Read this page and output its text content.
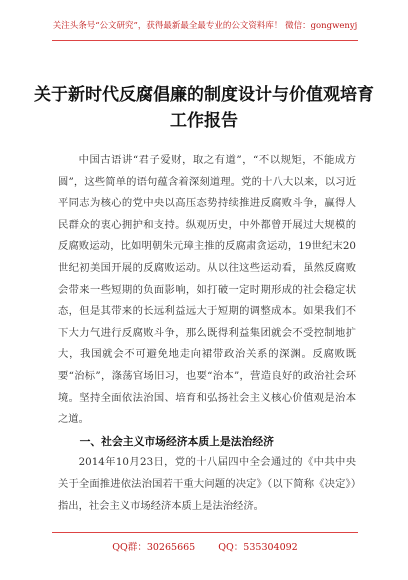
关注头条号“公文研究”，获得最新最全最专业的公文资料库！ 微信：gongwenyj
关于新时代反腐倡廉的制度设计与价值观培育工作报告

中国古语讲“君子爱财，取之有道”，“不以规矩，不能成方圆”，这些简单的语句蕴含着深刻道理。党的十八大以来，以习近平同志为核心的党中央以高压态势持续推进反腐败斗争，赢得人民群众的衷心拥护和支持。纵观历史，中外都曾开展过大规模的反腐败运动，比如明朝朱元璋主推的反腐肃贪运动，19世纪末20世纪初美国开展的反腐败运动。从以往这些运动看，虽然反腐败会带来一些短期的负面影响，如打破一定时期形成的社会稳定状态，但是其带来的长远利益远大于短期的调整成本。如果我们不下大力气进行反腐败斗争，那么既得利益集团就会不受控制地扩大，我国就会不可避免地走向裙带政治关系的深渊。反腐败既要“治标”，涤荡官场旧习，也要“治本”，营造良好的政治社会环境。坚持全面依法治国、培育和弘扬社会主义核心价值观是治本之道。

一、社会主义市场经济本质上是法治经济

2014年10月23日，党的十八届四中全会通过的《中共中央关于全面推进依法治国若干重大问题的决定》（以下简称《决定》）指出，社会主义市场经济本质上是法治经济。

QQ群：30265665 QQ：535304092
